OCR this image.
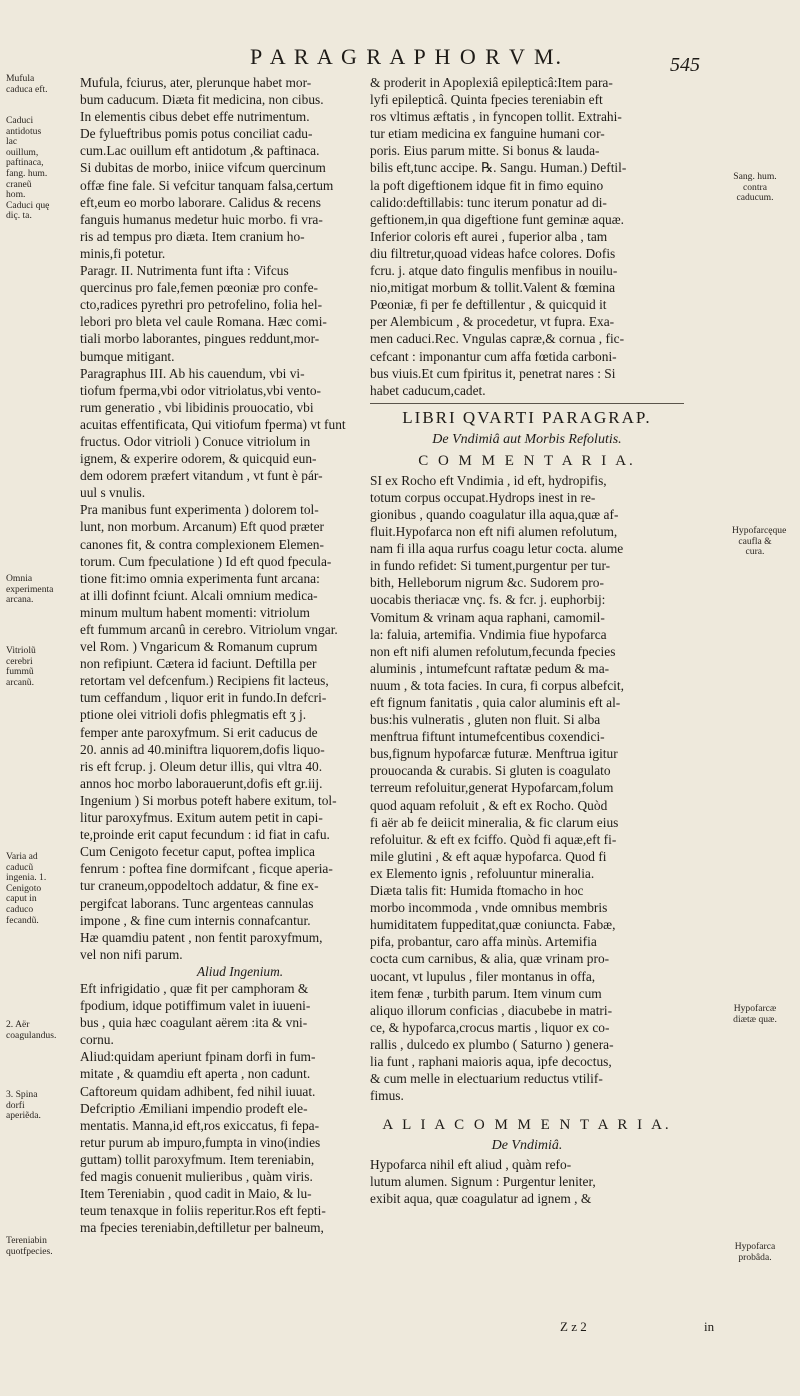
P A R A G R A P H O R V M.	545
Mufula caduca eft.
Caduci antidotus lac ouillum, paftinaca, fang. hum. craneũ hom. Caduci quę diç. ta.
Omnia experimenta arcana.
Vitriolũ cerebri fummũ arcanũ.
Varia ad caducũ ingenia. 1. Cenigoto caput in caduco fecandũ.
2. Aër coagulandus.
3. Spina dorfi aperiẽda.
Tereniabin quotfpecies.
Sang. hum. contra caducum.
Hypofarcęque caufla & cura.
Hypofarcæ diætæ quæ.
Hypofarca probâda.
Mufula, fciurus, ater, plerunque habet mor-
bum caducum. Diæta fit medicina, non cibus.
In elementis cibus debet effe nutrimentum.
De fylueftribus pomis potus conciliat cadu-
cum.Lac ouillum eft antidotum ,& paftinaca.
Si dubitas de morbo, iniice vifcum quercinum
offæ fine fale. Si vefcitur tanquam falsa,certum
eft,eum eo morbo laborare. Calidus & recens
fanguis humanus medetur huic morbo. fi vra-
ris ad tempus pro diæta. Item cranium ho-
minis,fi potetur.
Paragr. II. Nutrimenta funt ifta : Vifcus
quercinus pro fale,femen pœoniæ pro confe-
cto,radices pyrethri pro petrofelino, folia hel-
lebori pro bleta vel caule Romana. Hæc comi-
tiali morbo laborantes, pingues reddunt,mor-
bumque mitigant.
Paragraphus III. Ab his cauendum, vbi vi-
tiofum fperma,vbi odor vitriolatus,vbi vento-
rum generatio , vbi libidinis prouocatio, vbi
acuitas effentificata, Qui vitiofum fperma) vt funt
fructus. Odor vitrioli ) Conuce vitriolum in
ignem, & experire odorem, & quicquid eun-
dem odorem præfert vitandum , vt funt è pár-
uul s vnulis.
Pra manibus funt experimenta ) dolorem tol-
lunt, non morbum. Arcanum) Eft quod præter
canones fit, & contra complexionem Elemen-
torum. Cum fpeculatione ) Id eft quod fpecula-
tione fit:imo omnia experimenta funt arcana:
at illi dofinnt fciunt. Alcali omnium medica-
minum multum habent momenti: vitriolum
eft fummum arcanû in cerebro. Vitriolum vngar.
vel Rom. ) Vngaricum & Romanum cuprum
non refipiunt. Cætera id faciunt. Deftilla per
retortam vel defcenfum.) Recipiens fit lacteus,
tum ceffandum , liquor erit in fundo.In defcri-
ptione olei vitrioli dofis phlegmatis eft ʒ j.
femper ante paroxyfmum. Si erit caducus de
20. annis ad 40.miniftra liquorem,dofis liquo-
ris eft fcrup. j. Oleum detur illis, qui vltra 40.
annos hoc morbo laborauerunt,dofis eft gr.iij.
Ingenium ) Si morbus poteft habere exitum, tol-
litur paroxyfmus. Exitum autem petit in capi-
te,proinde erit caput fecundum : id fiat in cafu.
Cum Cenigoto fecetur caput, poftea implica
fenrum : poftea fine dormifcant , ficque aperia-
tur craneum,oppodeltoch addatur, & fine ex-
pergifcat laborans. Tunc argenteas cannulas
impone , & fine cum internis connafcantur.
Hæ quamdiu patent , non fentit paroxyfmum,
vel non nifi parum.
Aliud Ingenium.
Eft infrigidatio , quæ fit per camphoram &
fpodium, idque potiffimum valet in iuueni-
bus , quia hæc coagulant aërem :ita & vni-
cornu.
Aliud:quidam aperiunt fpinam dorfi in fum-
mitate , & quamdiu eft aperta , non cadunt.
Caftoreum quidam adhibent, fed nihil iuuat.
Defcriptio Æmiliani impendio prodeft ele-
mentatis. Manna,id eft,ros exiccatus, fi fepa-
retur purum ab impuro,fumpta in vino(indies
guttam) tollit paroxyfmum. Item tereniabin,
fed magis conuenit mulieribus , quàm viris.
Item Tereniabin , quod cadit in Maio, & lu-
teum tenaxque in foliis reperitur.Ros eft fepti-
ma fpecies tereniabin,deftilletur per balneum,
& proderit in Apoplexiâ epilepticâ:Item para-
lyfi epilepticâ. Quinta fpecies tereniabin eft
ros vltimus æftatis , in fyncopen tollit. Extrahi-
tur etiam medicina ex fanguine humani cor-
poris. Eius parum mitte. Si bonus & lauda-
bilis eft,tunc accipe. ℞. Sangu. Human.) Deftil-
la poft digeftionem idque fit in fimo equino
calido:deftillabis: tunc iterum ponatur ad di-
geftionem,in qua digeftione funt geminæ aquæ.
Inferior coloris eft aurei , fuperior alba , tam
diu filtretur,quoad videas hafce colores. Dofis
fcru. j. atque dato fingulis menfibus in nouilu-
nio,mitigat morbum & tollit.Valent & fœmina
Pœoniæ, fi per fe deftillentur , & quicquid it
per Alembicum , & procedetur, vt fupra. Exa-
men caduci.Rec. Vngulas capræ,& cornua , fic-
cefcant : imponantur cum affa fœtida carboni-
bus viuis.Et cum fpiritus it, penetrat nares : Si
habet caducum,cadet.
LIBRI QVARTI PARAGRAP.
De Vndimiâ aut Morbis Refolutis.
C O M M E N T A R I A.
SI ex Rocho eft Vndimia , id eft, hydropifis,
totum corpus occupat.Hydrops inest in re-
gionibus , quando coagulatur illa aqua,quæ af-
fluit.Hypofarca non eft nifi alumen refolutum,
nam fi illa aqua rurfus coagu letur cocta. alume
in fundo refidet: Si tument,purgentur per tur-
bith, Helleborum nigrum &c. Sudorem pro-
uocabis theriacæ vnç. fs. & fcr. j. euphorbij:
Vomitum & vrinam aqua raphani, camomil-
la: faluia, artemifia. Vndimia fiue hypofarca
non eft nifi alumen refolutum,fecunda fpecies
aluminis , intumefcunt raftatæ pedum & ma-
nuum , & tota facies. In cura, fi corpus albefcit,
eft fignum fanitatis , quia calor aluminis eft al-
bus:his vulneratis , gluten non fluit. Si alba
menftrua fiftunt intumefcentibus coxendici-
bus,fignum hypofarcæ futuræ. Menftrua igitur
prouocanda & curabis. Si gluten is coagulato
terreum refoluitur,generat Hypofarcam,folum
quod aquam refoluit , & eft ex Rocho. Quòd
fi aër ab fe deiicit mineralia, & fic clarum eius
refoluitur. & eft ex fciffo. Quòd fi aquæ,eft fi-
mile glutini , & eft aquæ hypofarca. Quod fi
ex Elemento ignis , refoluuntur mineralia.
Diæta talis fit: Humida ftomacho in hoc
morbo incommoda , vnde omnibus membris
humiditatem fuppeditat,quæ coniuncta. Fabæ,
pifa, probantur, caro affa minùs. Artemifia
cocta cum carnibus, & alia, quæ vrinam pro-
uocant, vt lupulus , filer montanus in offa,
item fenæ , turbith parum. Item vinum cum
aliquo illorum conficias , diacubebe in matri-
ce, & hypofarca,crocus martis , liquor ex co-
rallis , dulcedo ex plumbo ( Saturno ) genera-
lia funt , raphani maioris aqua, ipfe decoctus,
& cum melle in electuarium reductus vtilif-
fimus.
A L I A C O M M E N T A R I A.
De Vndimiâ.
Hypofarca nihil eft aliud , quàm refo-
lutum alumen. Signum : Purgentur leniter,
exibit aqua, quæ coagulatur ad ignem , &
Z z 2	in
